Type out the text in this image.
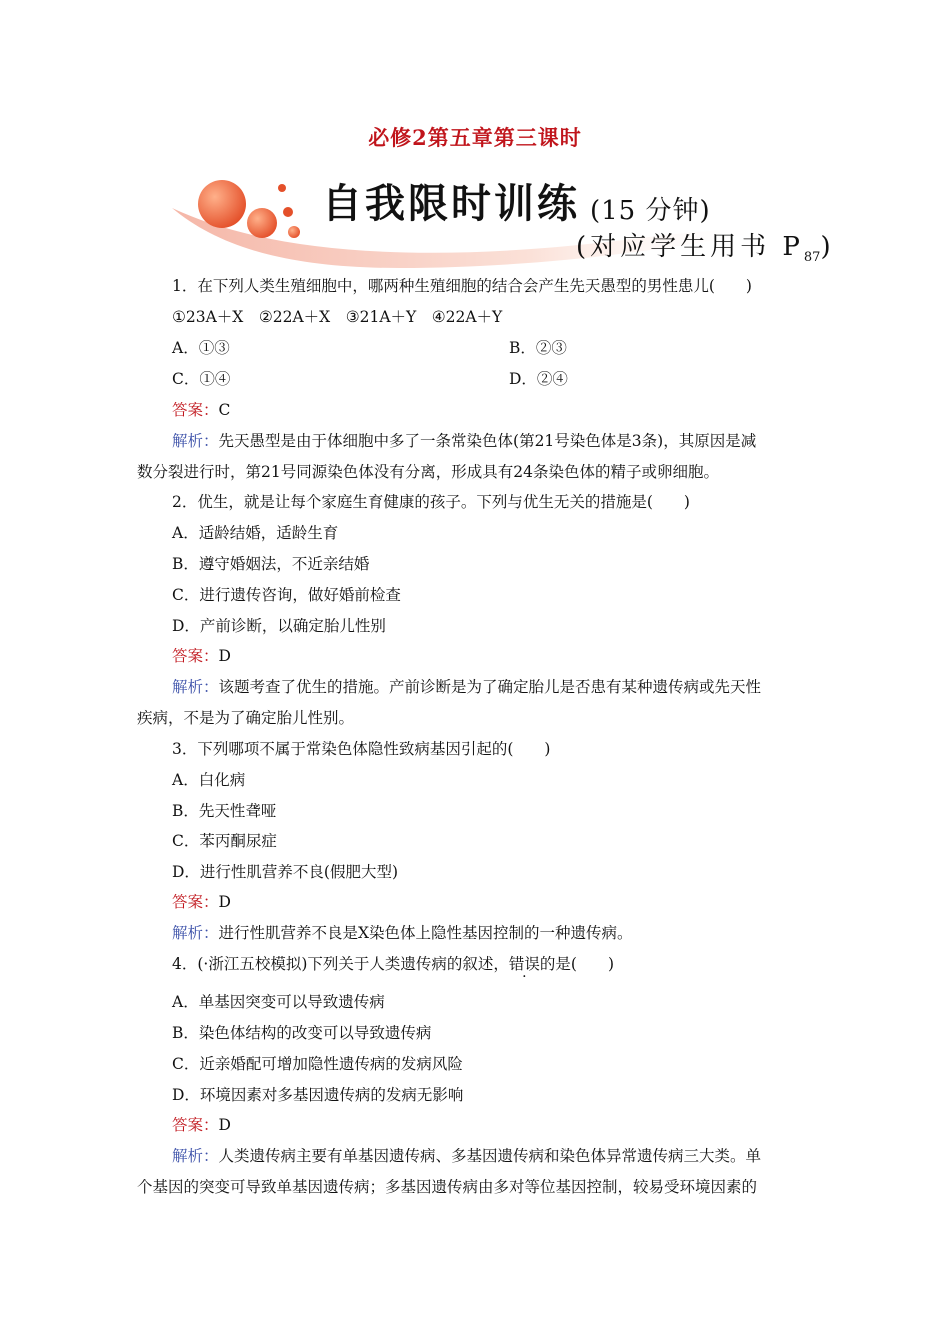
必修2第五章第三课时
自我限时训练 (15 分钟)
(对应学生用书 $P_{87}$)
1．在下列人类生殖细胞中，哪两种生殖细胞的结合会产生先天愚型的男性患儿(　　)
①23A＋X　②22A＋X　③21A＋Y　④22A＋Y
A．①③	B．②③
C．①④	D．②④
答案：C
解析：先天愚型是由于体细胞中多了一条常染色体(第21号染色体是3条)，其原因是减
数分裂进行时，第21号同源染色体没有分离，形成具有24条染色体的精子或卵细胞。
2．优生，就是让每个家庭生育健康的孩子。下列与优生无关的措施是(　　)
A．适龄结婚，适龄生育
B．遵守婚姻法，不近亲结婚
C．进行遗传咨询，做好婚前检查
D．产前诊断，以确定胎儿性别
答案：D
解析：该题考查了优生的措施。产前诊断是为了确定胎儿是否患有某种遗传病或先天性
疾病，不是为了确定胎儿性别。
3．下列哪项不属于常染色体隐性致病基因引起的(　　)
A．白化病
B．先天性聋哑
C．苯丙酮尿症
D．进行性肌营养不良(假肥大型)
答案：D
解析：进行性肌营养不良是X染色体上隐性基因控制的一种遗传病。
4．(·浙江五校模拟)下列关于人类遗传病的叙述，错误的是(　　)
A．单基因突变可以导致遗传病
B．染色体结构的改变可以导致遗传病
C．近亲婚配可增加隐性遗传病的发病风险
D．环境因素对多基因遗传病的发病无影响
答案：D
解析：人类遗传病主要有单基因遗传病、多基因遗传病和染色体异常遗传病三大类。单
个基因的突变可导致单基因遗传病；多基因遗传病由多对等位基因控制，较易受环境因素的
